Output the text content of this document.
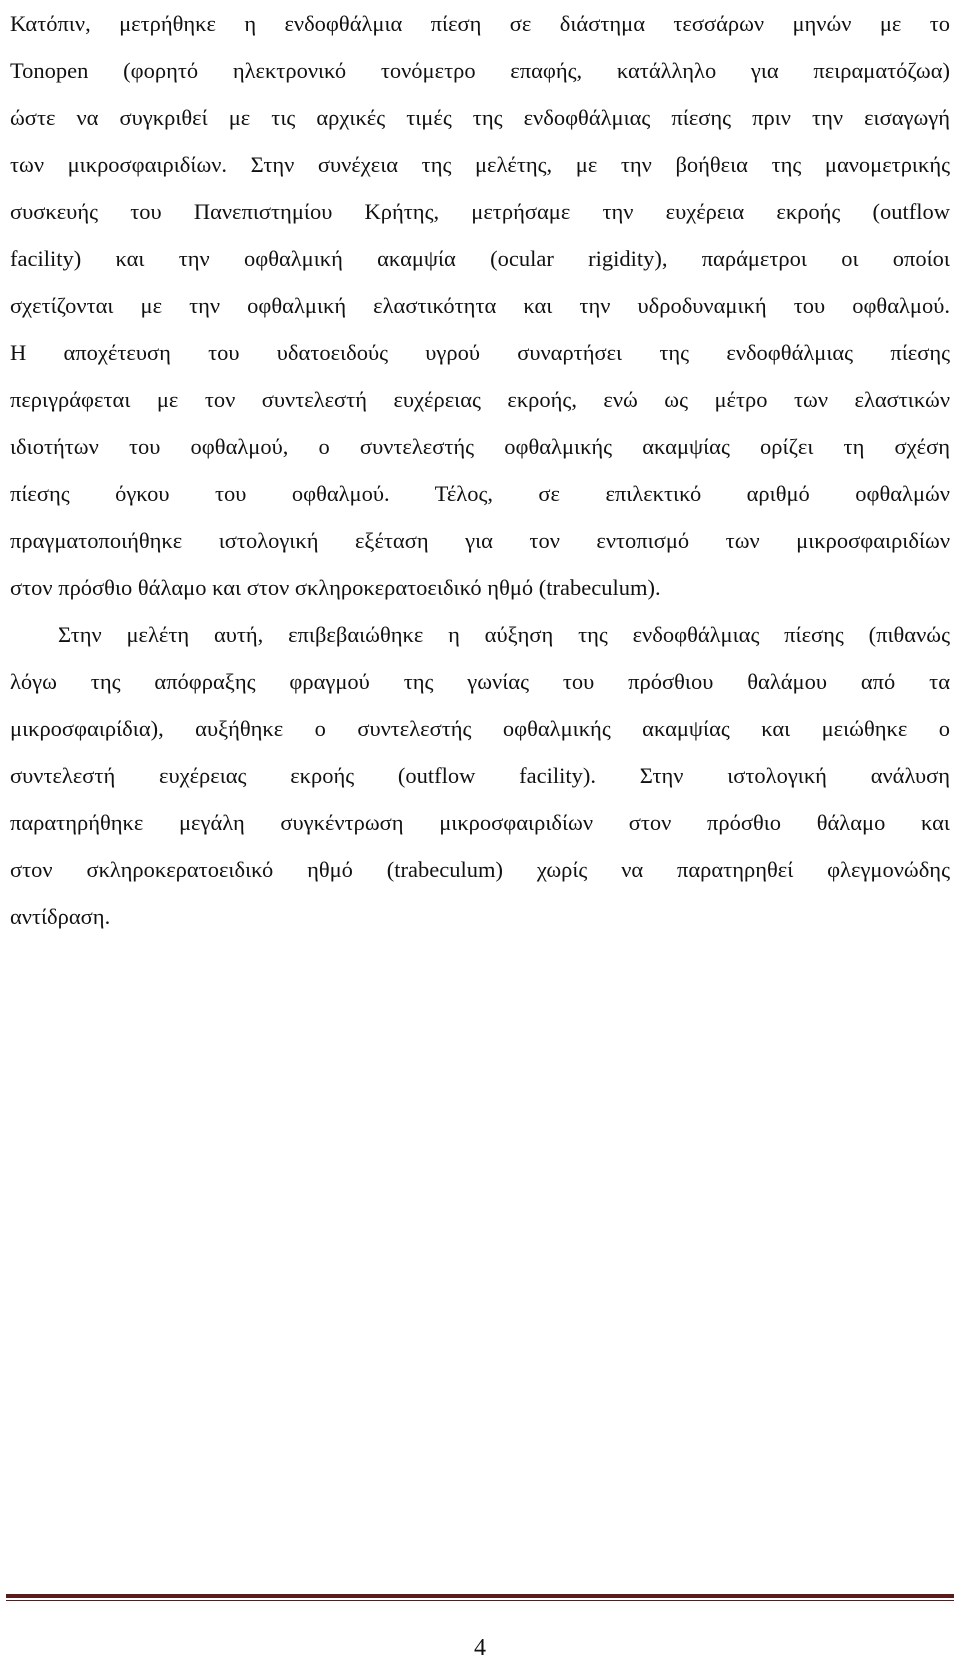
Κατόπιν, μετρήθηκε η ενδοφθάλμια πίεση σε διάστημα τεσσάρων μηνών με το
Tonopen (φορητό ηλεκτρονικό τονόμετρο επαφής, κατάλληλο για πειραματόζωα)
ώστε να συγκριθεί με τις αρχικές τιμές της ενδοφθάλμιας πίεσης πριν την εισαγωγή
των μικροσφαιριδίων. Στην συνέχεια της μελέτης, με την βοήθεια της μανομετρικής
συσκευής του Πανεπιστημίου Κρήτης, μετρήσαμε την ευχέρεια εκροής (outflow
facility) και την οφθαλμική ακαμψία (ocular rigidity), παράμετροι οι οποίοι
σχετίζονται με την οφθαλμική ελαστικότητα και την υδροδυναμική του οφθαλμού.
Η αποχέτευση του υδατοειδούς υγρού συναρτήσει της ενδοφθάλμιας πίεσης
περιγράφεται με τον συντελεστή ευχέρειας εκροής, ενώ ως μέτρο των ελαστικών
ιδιοτήτων του οφθαλμού, ο συντελεστής οφθαλμικής ακαμψίας ορίζει τη σχέση
πίεσης όγκου του οφθαλμού. Τέλος, σε επιλεκτικό αριθμό οφθαλμών
πραγματοποιήθηκε ιστολογική εξέταση για τον εντοπισμό των μικροσφαιριδίων
στον πρόσθιο θάλαμο και στον σκληροκερατοειδικό ηθμό (trabeculum).

Στην μελέτη αυτή, επιβεβαιώθηκε η αύξηση της ενδοφθάλμιας πίεσης (πιθανώς
λόγω της απόφραξης φραγμού της γωνίας του πρόσθιου θαλάμου από τα
μικροσφαιρίδια), αυξήθηκε ο συντελεστής οφθαλμικής ακαμψίας και μειώθηκε ο
συντελεστή ευχέρειας εκροής (outflow facility). Στην ιστολογική ανάλυση
παρατηρήθηκε μεγάλη συγκέντρωση μικροσφαιριδίων στον πρόσθιο θάλαμο και
στον σκληροκερατοειδικό ηθμό (trabeculum) χωρίς να παρατηρηθεί φλεγμονώδης
αντίδραση.

4
